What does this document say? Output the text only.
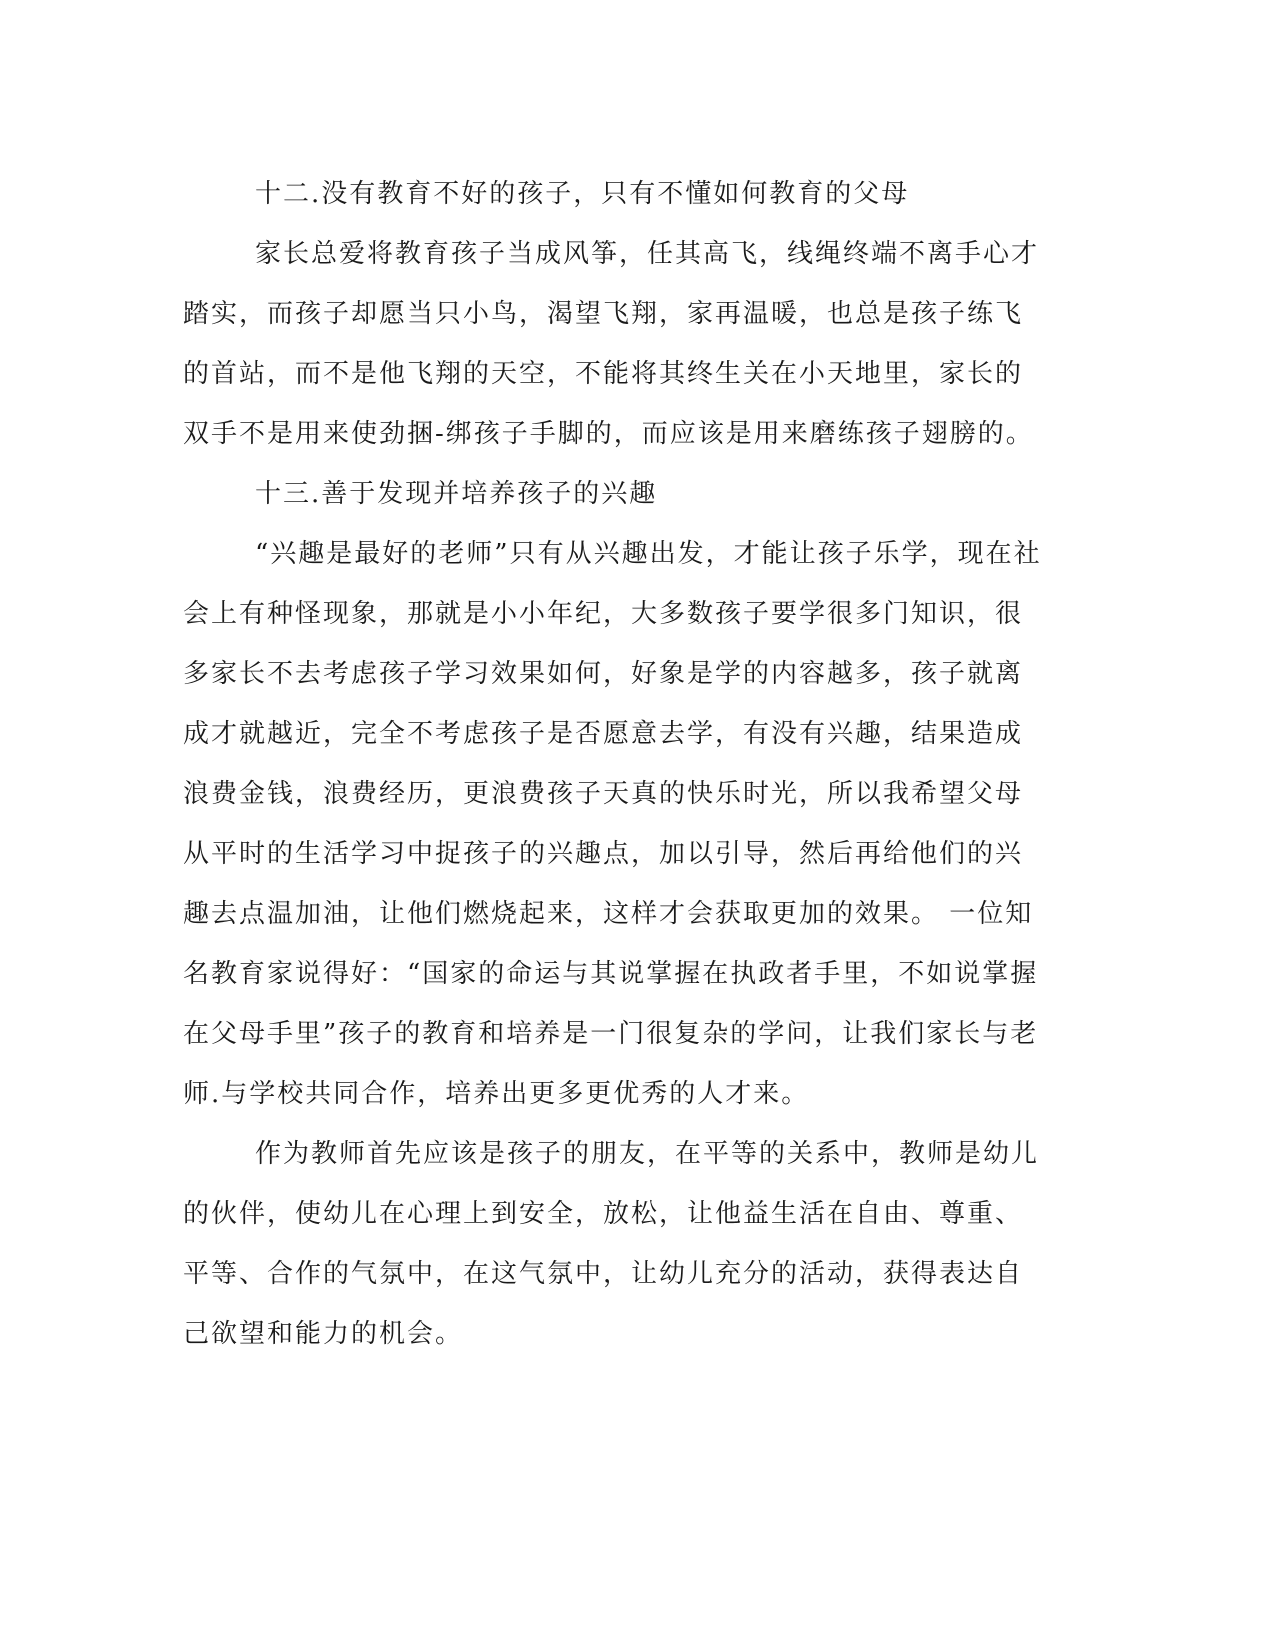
十二.没有教育不好的孩子，只有不懂如何教育的父母
家长总爱将教育孩子当成风筝，任其高飞，线绳终端不离手心才
踏实，而孩子却愿当只小鸟，渴望飞翔，家再温暖，也总是孩子练飞
的首站，而不是他飞翔的天空，不能将其终生关在小天地里，家长的
双手不是用来使劲捆-绑孩子手脚的，而应该是用来磨练孩子翅膀的。
十三.善于发现并培养孩子的兴趣
“兴趣是最好的老师”只有从兴趣出发，才能让孩子乐学，现在社
会上有种怪现象，那就是小小年纪，大多数孩子要学很多门知识，很
多家长不去考虑孩子学习效果如何，好象是学的内容越多，孩子就离
成才就越近，完全不考虑孩子是否愿意去学，有没有兴趣，结果造成
浪费金钱，浪费经历，更浪费孩子天真的快乐时光，所以我希望父母
从平时的生活学习中捉孩子的兴趣点，加以引导，然后再给他们的兴
趣去点温加油，让他们燃烧起来，这样才会获取更加的效果。 一位知
名教育家说得好：“国家的命运与其说掌握在执政者手里，不如说掌握
在父母手里”孩子的教育和培养是一门很复杂的学问，让我们家长与老
师.与学校共同合作，培养出更多更优秀的人才来。
作为教师首先应该是孩子的朋友，在平等的关系中，教师是幼儿
的伙伴，使幼儿在心理上到安全，放松，让他益生活在自由、尊重、
平等、合作的气氛中，在这气氛中，让幼儿充分的活动，获得表达自
己欲望和能力的机会。
